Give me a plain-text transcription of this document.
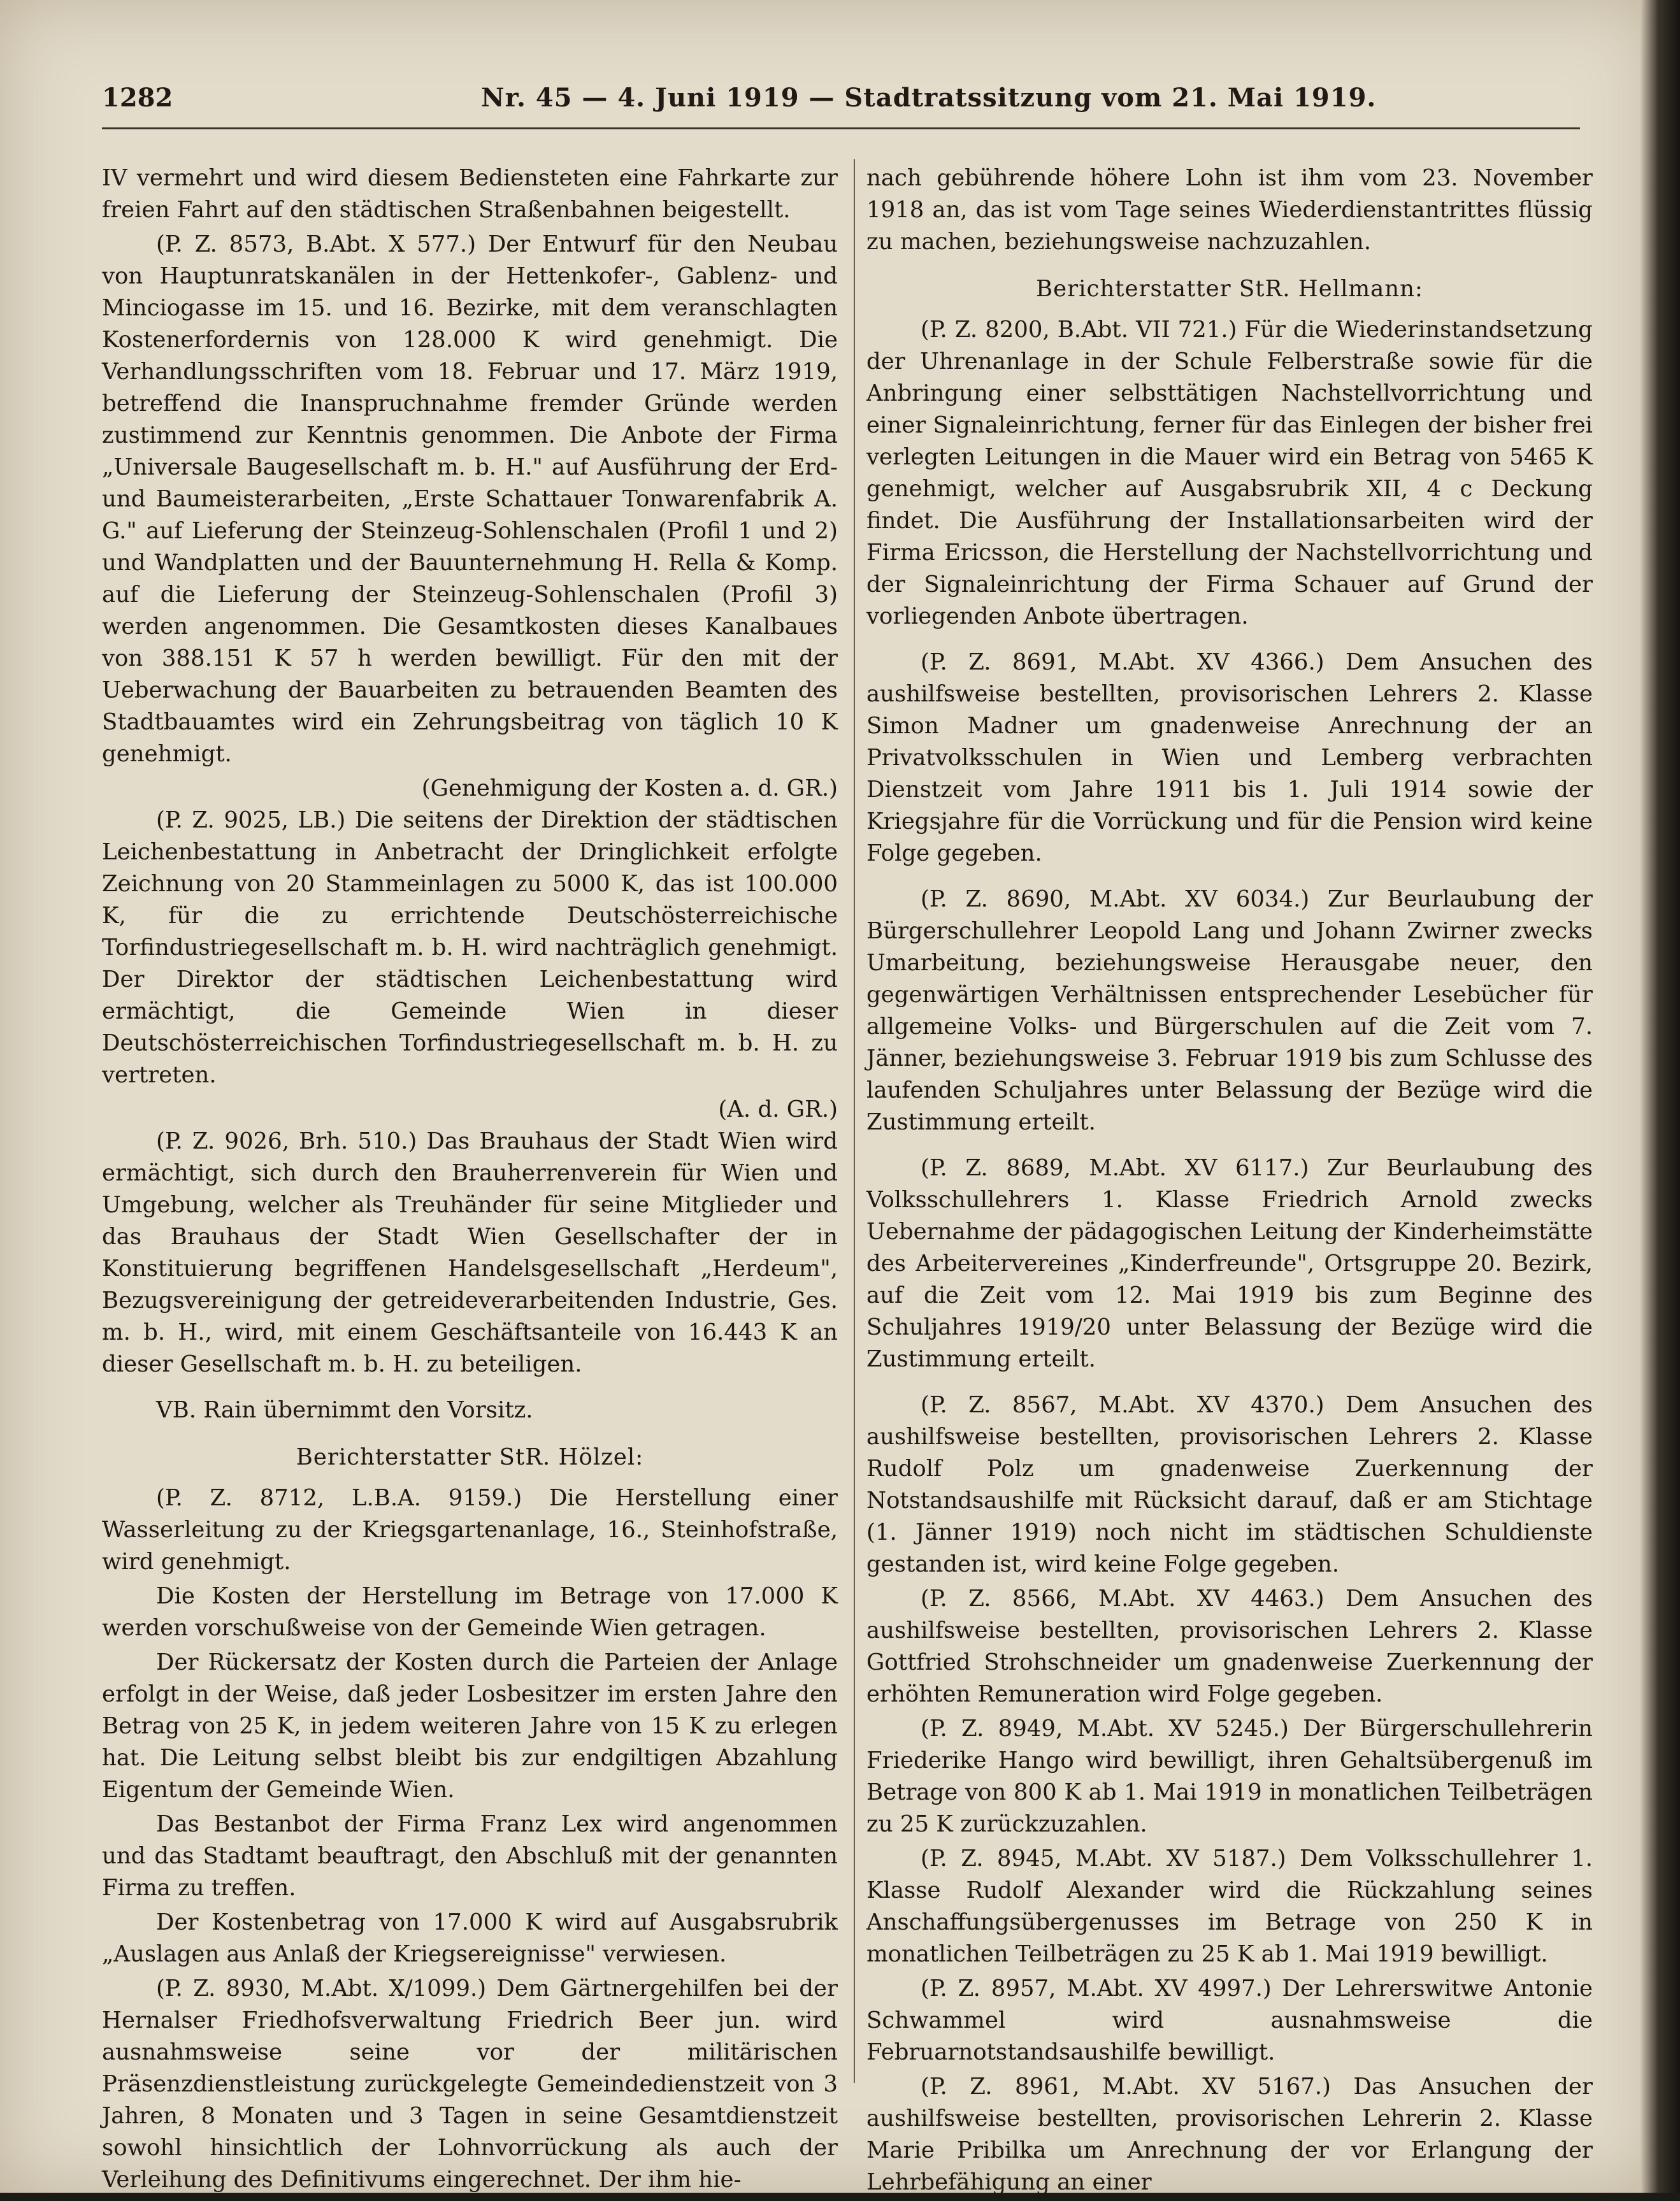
1282	Nr. 45 — 4. Juni 1919 — Stadtratssitzung vom 21. Mai 1919.

IV vermehrt und wird diesem Bediensteten eine Fahrkarte zur freien Fahrt auf den städtischen Straßenbahnen beigestellt.

(P. Z. 8573, B.Abt. X 577.) Der Entwurf für den Neubau von Hauptunratskanälen in der Hettenkofer-, Gablenz- und Minciogasse im 15. und 16. Bezirke, mit dem veranschlagten Kostenerfordernis von 128.000 K wird genehmigt. Die Verhandlungsschriften vom 18. Februar und 17. März 1919, betreffend die Inanspruchnahme fremder Gründe werden zustimmend zur Kenntnis genommen. Die Anbote der Firma „Universale Baugesellschaft m. b. H." auf Ausführung der Erd- und Baumeisterarbeiten, „Erste Schattauer Tonwarenfabrik A. G." auf Lieferung der Steinzeug-Sohlenschalen (Profil 1 und 2) und Wandplatten und der Bauunternehmung H. Rella & Komp. auf die Lieferung der Steinzeug-Sohlenschalen (Profil 3) werden angenommen. Die Gesamtkosten dieses Kanalbaues von 388.151 K 57 h werden bewilligt. Für den mit der Ueberwachung der Bauarbeiten zu betrauenden Beamten des Stadtbauamtes wird ein Zehrungsbeitrag von täglich 10 K genehmigt.

(Genehmigung der Kosten a. d. GR.)

(P. Z. 9025, LB.) Die seitens der Direktion der städtischen Leichenbestattung in Anbetracht der Dringlichkeit erfolgte Zeichnung von 20 Stammeinlagen zu 5000 K, das ist 100.000 K, für die zu errichtende Deutschösterreichische Torfindustriegesellschaft m. b. H. wird nachträglich genehmigt. Der Direktor der städtischen Leichenbestattung wird ermächtigt, die Gemeinde Wien in dieser Deutschösterreichischen Torfindustriegesellschaft m. b. H. zu vertreten.

(A. d. GR.)

(P. Z. 9026, Brh. 510.) Das Brauhaus der Stadt Wien wird ermächtigt, sich durch den Brauherrenverein für Wien und Umgebung, welcher als Treuhänder für seine Mitglieder und das Brauhaus der Stadt Wien Gesellschafter der in Konstituierung begriffenen Handelsgesellschaft „Herdeum", Bezugsvereinigung der getreideverarbeitenden Industrie, Ges. m. b. H., wird, mit einem Geschäftsanteile von 16.443 K an dieser Gesellschaft m. b. H. zu beteiligen.

VB. Rain übernimmt den Vorsitz.

Berichterstatter StR. Hölzel:

(P. Z. 8712, L.B.A. 9159.) Die Herstellung einer Wasserleitung zu der Kriegsgartenanlage, 16., Steinhofstraße, wird genehmigt.

Die Kosten der Herstellung im Betrage von 17.000 K werden vorschußweise von der Gemeinde Wien getragen.

Der Rückersatz der Kosten durch die Parteien der Anlage erfolgt in der Weise, daß jeder Losbesitzer im ersten Jahre den Betrag von 25 K, in jedem weiteren Jahre von 15 K zu erlegen hat. Die Leitung selbst bleibt bis zur endgiltigen Abzahlung Eigentum der Gemeinde Wien.

Das Bestanbot der Firma Franz Lex wird angenommen und das Stadtamt beauftragt, den Abschluß mit der genannten Firma zu treffen.

Der Kostenbetrag von 17.000 K wird auf Ausgabsrubrik „Auslagen aus Anlaß der Kriegsereignisse" verwiesen.

(P. Z. 8930, M.Abt. X/1099.) Dem Gärtnergehilfen bei der Hernalser Friedhofsverwaltung Friedrich Beer jun. wird ausnahmsweise seine vor der militärischen Präsenzdienstleistung zurückgelegte Gemeindedienstzeit von 3 Jahren, 8 Monaten und 3 Tagen in seine Gesamtdienstzeit sowohl hinsichtlich der Lohnvorrückung als auch der Verleihung des Definitivums eingerechnet. Der ihm hie-

nach gebührende höhere Lohn ist ihm vom 23. November 1918 an, das ist vom Tage seines Wiederdienstantrittes flüssig zu machen, beziehungsweise nachzuzahlen.

Berichterstatter StR. Hellmann:

(P. Z. 8200, B.Abt. VII 721.) Für die Wiederinstandsetzung der Uhrenanlage in der Schule Felberstraße sowie für die Anbringung einer selbsttätigen Nachstellvorrichtung und einer Signaleinrichtung, ferner für das Einlegen der bisher frei verlegten Leitungen in die Mauer wird ein Betrag von 5465 K genehmigt, welcher auf Ausgabsrubrik XII, 4 c Deckung findet. Die Ausführung der Installationsarbeiten wird der Firma Ericsson, die Herstellung der Nachstellvorrichtung und der Signaleinrichtung der Firma Schauer auf Grund der vorliegenden Anbote übertragen.

(P. Z. 8691, M.Abt. XV 4366.) Dem Ansuchen des aushilfsweise bestellten, provisorischen Lehrers 2. Klasse Simon Madner um gnadenweise Anrechnung der an Privatvolksschulen in Wien und Lemberg verbrachten Dienstzeit vom Jahre 1911 bis 1. Juli 1914 sowie der Kriegsjahre für die Vorrückung und für die Pension wird keine Folge gegeben.

(P. Z. 8690, M.Abt. XV 6034.) Zur Beurlaubung der Bürgerschullehrer Leopold Lang und Johann Zwirner zwecks Umarbeitung, beziehungsweise Herausgabe neuer, den gegenwärtigen Verhältnissen entsprechender Lesebücher für allgemeine Volks- und Bürgerschulen auf die Zeit vom 7. Jänner, beziehungsweise 3. Februar 1919 bis zum Schlusse des laufenden Schuljahres unter Belassung der Bezüge wird die Zustimmung erteilt.

(P. Z. 8689, M.Abt. XV 6117.) Zur Beurlaubung des Volksschullehrers 1. Klasse Friedrich Arnold zwecks Uebernahme der pädagogischen Leitung der Kinderheimstätte des Arbeitervereines „Kinderfreunde", Ortsgruppe 20. Bezirk, auf die Zeit vom 12. Mai 1919 bis zum Beginne des Schuljahres 1919/20 unter Belassung der Bezüge wird die Zustimmung erteilt.

(P. Z. 8567, M.Abt. XV 4370.) Dem Ansuchen des aushilfsweise bestellten, provisorischen Lehrers 2. Klasse Rudolf Polz um gnadenweise Zuerkennung der Notstandsaushilfe mit Rücksicht darauf, daß er am Stichtage (1. Jänner 1919) noch nicht im städtischen Schuldienste gestanden ist, wird keine Folge gegeben.

(P. Z. 8566, M.Abt. XV 4463.) Dem Ansuchen des aushilfsweise bestellten, provisorischen Lehrers 2. Klasse Gottfried Strohschneider um gnadenweise Zuerkennung der erhöhten Remuneration wird Folge gegeben.

(P. Z. 8949, M.Abt. XV 5245.) Der Bürgerschullehrerin Friederike Hango wird bewilligt, ihren Gehaltsübergenuß im Betrage von 800 K ab 1. Mai 1919 in monatlichen Teilbeträgen zu 25 K zurückzuzahlen.

(P. Z. 8945, M.Abt. XV 5187.) Dem Volksschullehrer 1. Klasse Rudolf Alexander wird die Rückzahlung seines Anschaffungsübergenusses im Betrage von 250 K in monatlichen Teilbeträgen zu 25 K ab 1. Mai 1919 bewilligt.

(P. Z. 8957, M.Abt. XV 4997.) Der Lehrerswitwe Antonie Schwammel wird ausnahmsweise die Februarnotstandsaushilfe bewilligt.

(P. Z. 8961, M.Abt. XV 5167.) Das Ansuchen der aushilfsweise bestellten, provisorischen Lehrerin 2. Klasse Marie Pribilka um Anrechnung der vor Erlangung der Lehrbefähigung an einer
